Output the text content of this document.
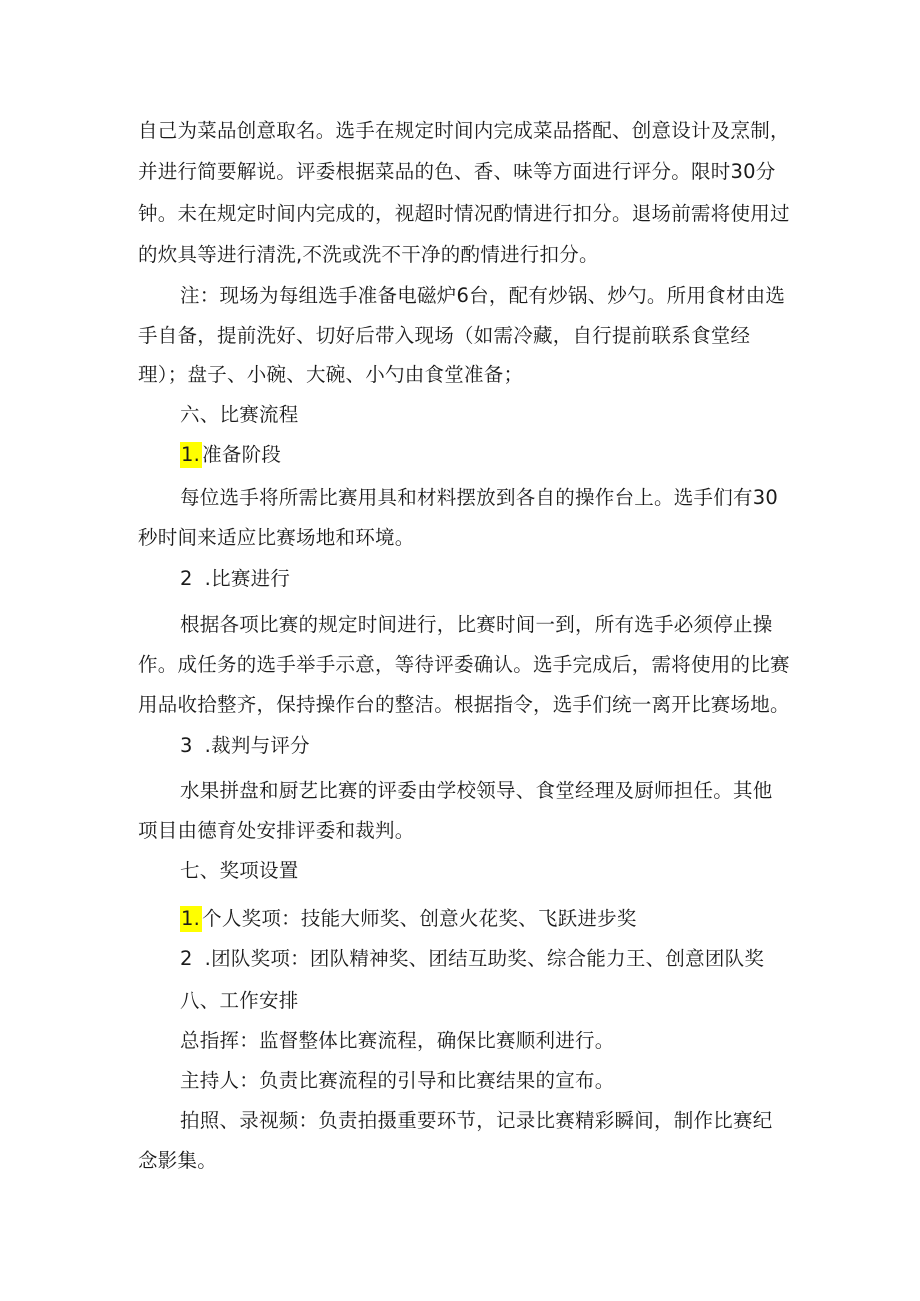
自己为菜品创意取名。选手在规定时间内完成菜品搭配、创意设计及烹制，
并进行简要解说。评委根据菜品的色、香、味等方面进行评分。限时30分
钟。未在规定时间内完成的，视超时情况酌情进行扣分。退场前需将使用过
的炊具等进行清洗,不洗或洗不干净的酌情进行扣分。
注：现场为每组选手准备电磁炉6台，配有炒锅、炒勺。所用食材由选
手自备，提前洗好、切好后带入现场（如需冷藏，自行提前联系食堂经
理）；盘子、小碗、大碗、小勺由食堂准备；
六、比赛流程
1. 准备阶段
每位选手将所需比赛用具和材料摆放到各自的操作台上。选手们有30
秒时间来适应比赛场地和环境。
2 .比赛进行
根据各项比赛的规定时间进行，比赛时间一到，所有选手必须停止操
作。成任务的选手举手示意，等待评委确认。选手完成后，需将使用的比赛
用品收拾整齐，保持操作台的整洁。根据指令，选手们统一离开比赛场地。
3 .裁判与评分
水果拼盘和厨艺比赛的评委由学校领导、食堂经理及厨师担任。其他
项目由德育处安排评委和裁判。
七、奖项设置
1. 个人奖项：技能大师奖、创意火花奖、飞跃进步奖
2 .团队奖项：团队精神奖、团结互助奖、综合能力王、创意团队奖
八、工作安排
总指挥：监督整体比赛流程，确保比赛顺利进行。
主持人：负责比赛流程的引导和比赛结果的宣布。
拍照、录视频：负责拍摄重要环节，记录比赛精彩瞬间，制作比赛纪
念影集。
